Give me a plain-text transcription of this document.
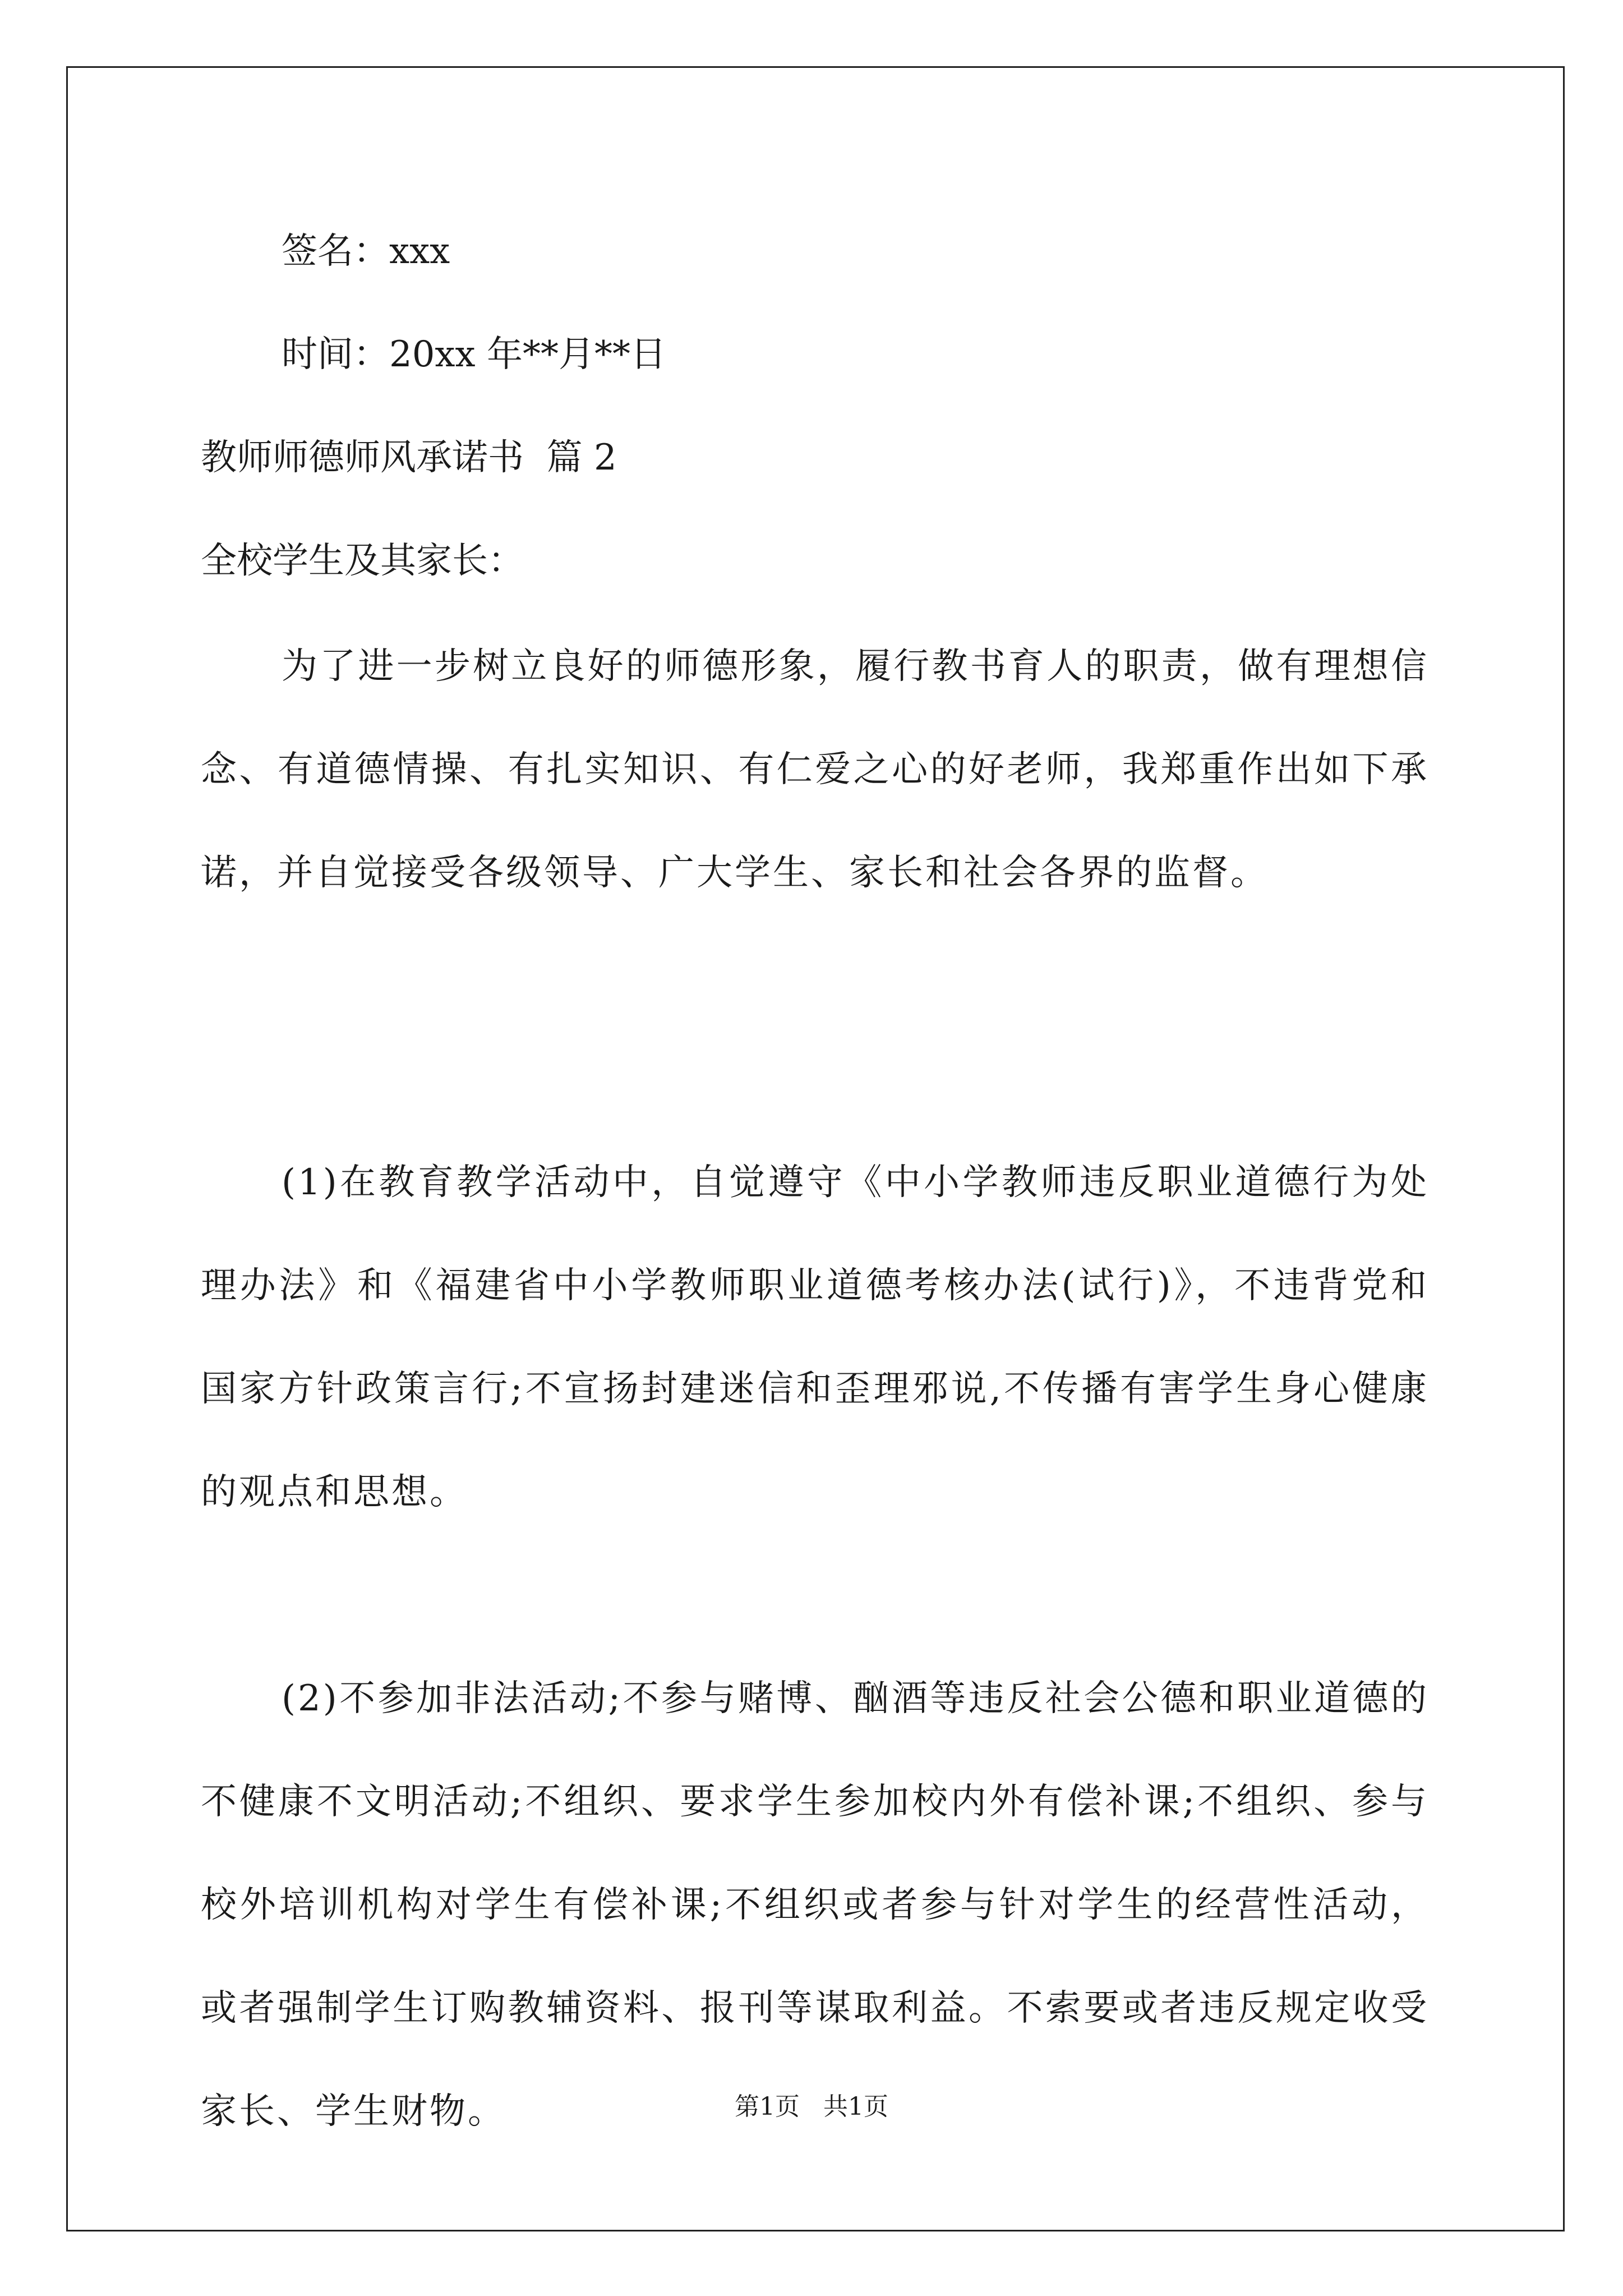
签名：xxx
时间：20xx 年**月**日
教师师德师风承诺书  篇 2
全校学生及其家长：

为了进一步树立良好的师德形象，履行教书育人的职责，做有理想信念、有道德情操、有扎实知识、有仁爱之心的好老师，我郑重作出如下承诺，并自觉接受各级领导、广大学生、家长和社会各界的监督。

(1)在教育教学活动中，自觉遵守《中小学教师违反职业道德行为处理办法》和《福建省中小学教师职业道德考核办法(试行)》，不违背党和国家方针政策言行;不宣扬封建迷信和歪理邪说,不传播有害学生身心健康的观点和思想。

(2)不参加非法活动;不参与赌博、酗酒等违反社会公德和职业道德的不健康不文明活动;不组织、要求学生参加校内外有偿补课;不组织、参与校外培训机构对学生有偿补课;不组织或者参与针对学生的经营性活动，或者强制学生订购教辅资料、报刊等谋取利益。不索要或者违反规定收受家长、学生财物。	第1页   共1页
